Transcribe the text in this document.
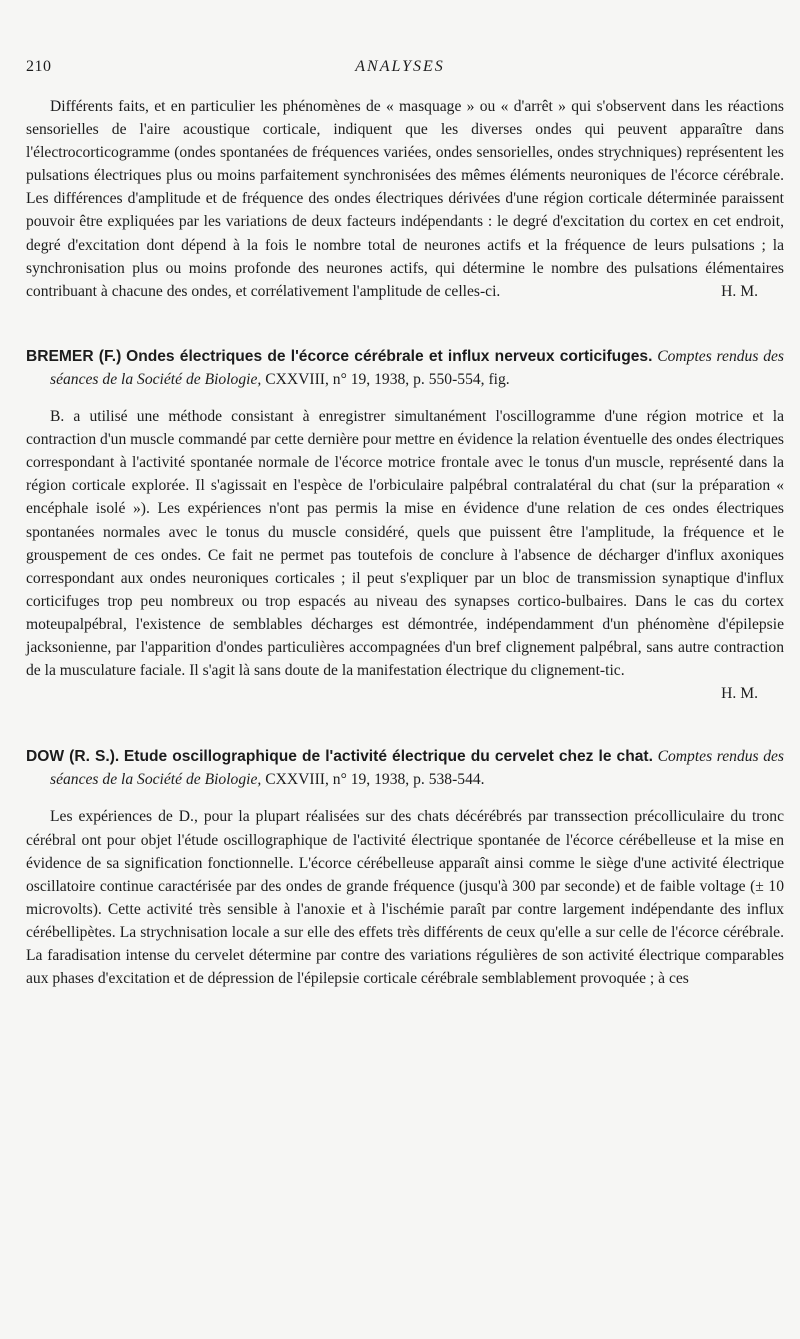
210	ANALYSES

Différents faits, et en particulier les phénomènes de « masquage » ou « d'arrêt » qui s'observent dans les réactions sensorielles de l'aire acoustique corticale, indiquent que les diverses ondes qui peuvent apparaître dans l'électrocorticogramme (ondes spontanées de fréquences variées, ondes sensorielles, ondes strychniques) représentent les pulsations électriques plus ou moins parfaitement synchronisées des mêmes éléments neuroniques de l'écorce cérébrale. Les différences d'amplitude et de fréquence des ondes électriques dérivées d'une région corticale déterminée paraissent pouvoir être expliquées par les variations de deux facteurs indépendants : le degré d'excitation du cortex en cet endroit, degré d'excitation dont dépend à la fois le nombre total de neurones actifs et la fréquence de leurs pulsations ; la synchronisation plus ou moins profonde des neurones actifs, qui détermine le nombre des pulsations élémentaires contribuant à chacune des ondes, et corrélativement l'amplitude de celles-ci.	H. M.

BREMER (F.) Ondes électriques de l'écorce cérébrale et influx nerveux corticifuges. Comptes rendus des séances de la Société de Biologie, CXXVIII, n° 19, 1938, p. 550-554, fig.

B. a utilisé une méthode consistant à enregistrer simultanément l'oscillogramme d'une région motrice et la contraction d'un muscle commandé par cette dernière pour mettre en évidence la relation éventuelle des ondes électriques correspondant à l'activité spontanée normale de l'écorce motrice frontale avec le tonus d'un muscle, représenté dans la région corticale explorée. Il s'agissait en l'espèce de l'orbiculaire palpébral contralatéral du chat (sur la préparation « encéphale isolé »). Les expériences n'ont pas permis la mise en évidence d'une relation de ces ondes électriques spontanées normales avec le tonus du muscle considéré, quels que puissent être l'amplitude, la fréquence et le grouspement de ces ondes. Ce fait ne permet pas toutefois de conclure à l'absence de décharger d'influx axoniques correspondant aux ondes neuroniques corticales ; il peut s'expliquer par un bloc de transmission synaptique d'influx corticifuges trop peu nombreux ou trop espacés au niveau des synapses cortico-bulbaires. Dans le cas du cortex moteupalpébral, l'existence de semblables décharges est démontrée, indépendamment d'un phénomène d'épilepsie jacksonienne, par l'apparition d'ondes particulières accompagnées d'un bref clignement palpébral, sans autre contraction de la musculature faciale. Il s'agit là sans doute de la manifestation électrique du clignement-tic.

H. M.

DOW (R. S.). Etude oscillographique de l'activité électrique du cervelet chez le chat. Comptes rendus des séances de la Société de Biologie, CXXVIII, n° 19, 1938, p. 538-544.

Les expériences de D., pour la plupart réalisées sur des chats décérébrés par transsection précolliculaire du tronc cérébral ont pour objet l'étude oscillographique de l'activité électrique spontanée de l'écorce cérébelleuse et la mise en évidence de sa signification fonctionnelle. L'écorce cérébelleuse apparaît ainsi comme le siège d'une activité électrique oscillatoire continue caractérisée par des ondes de grande fréquence (jusqu'à 300 par seconde) et de faible voltage (± 10 microvolts). Cette activité très sensible à l'anoxie et à l'ischémie paraît par contre largement indépendante des influx cérébellipètes. La strychnisation locale a sur elle des effets très différents de ceux qu'elle a sur celle de l'écorce cérébrale. La faradisation intense du cervelet détermine par contre des variations régulières de son activité électrique comparables aux phases d'excitation et de dépression de l'épilepsie corticale cérébrale semblablement provoquée ; à ces
